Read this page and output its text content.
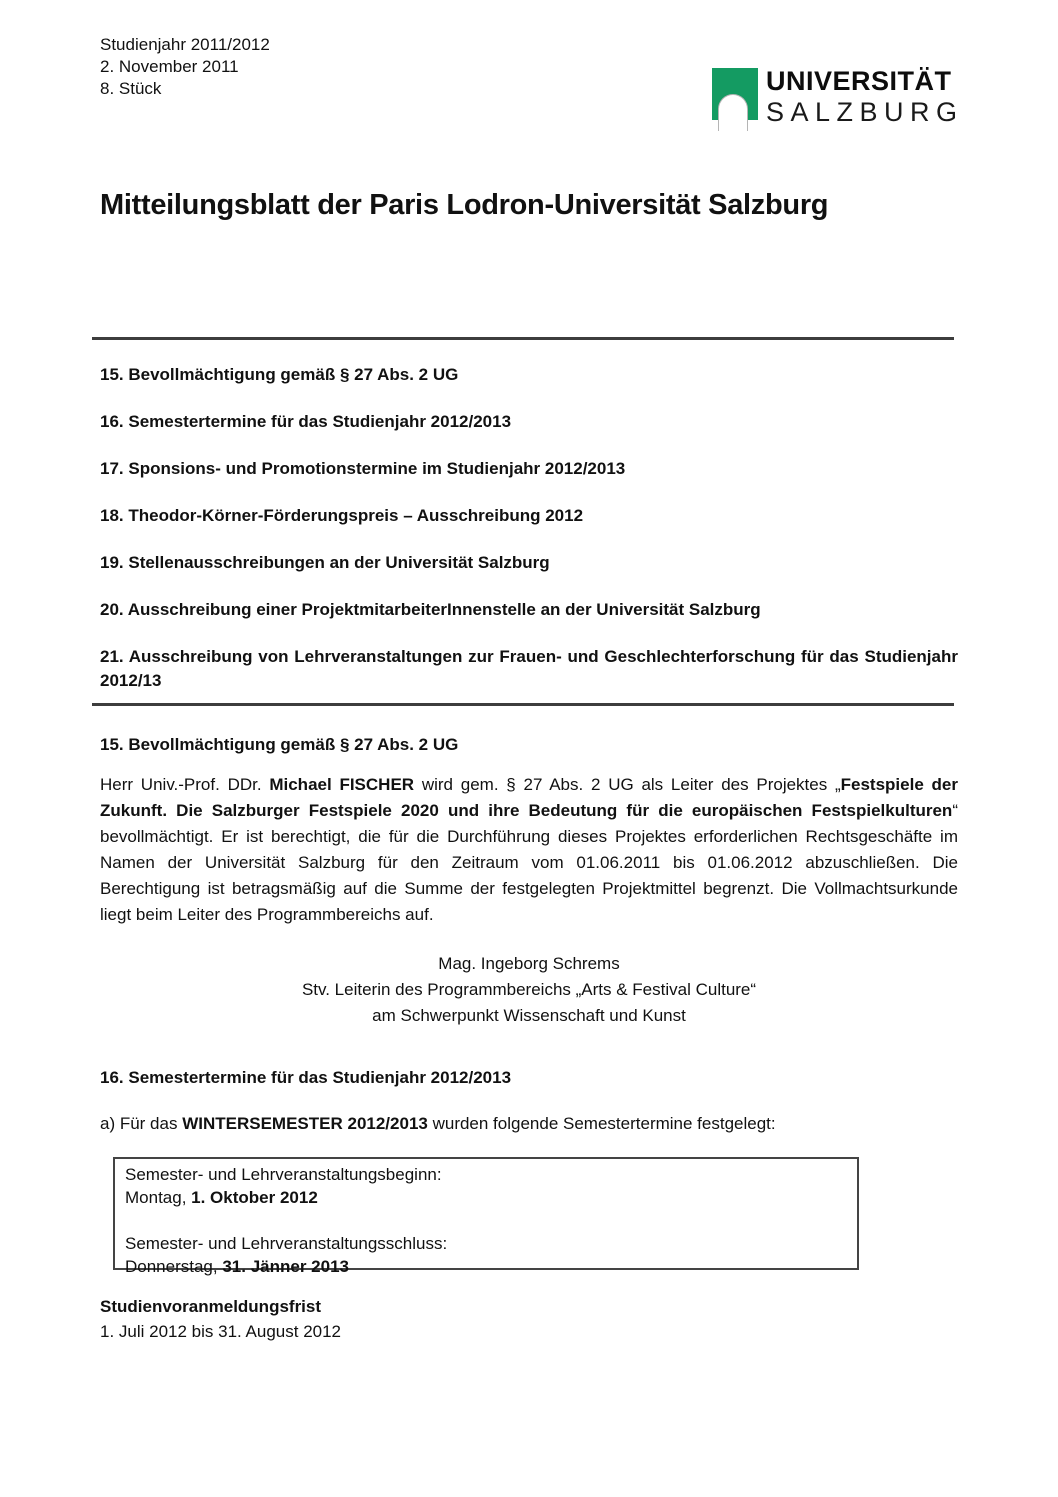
Studienjahr 2011/2012
2. November 2011
8. Stück	UNIVERSITÄT
SALZBURG
Mitteilungsblatt der Paris Lodron-Universität Salzburg
15. Bevollmächtigung gemäß § 27 Abs. 2 UG
16. Semestertermine für das Studienjahr 2012/2013
17. Sponsions- und Promotionstermine im Studienjahr 2012/2013
18. Theodor-Körner-Förderungspreis – Ausschreibung 2012
19. Stellenausschreibungen an der Universität Salzburg
20. Ausschreibung einer ProjektmitarbeiterInnenstelle an der Universität Salzburg
21. Ausschreibung von Lehrveranstaltungen zur Frauen- und Geschlechterforschung für das Studienjahr 2012/13
15. Bevollmächtigung gemäß § 27 Abs. 2 UG
Herr Univ.-Prof. DDr. Michael FISCHER wird gem. § 27 Abs. 2 UG als Leiter des Projektes „Festspiele der Zukunft. Die Salzburger Festspiele 2020 und ihre Bedeutung für die europäischen Festspielkulturen“ bevollmächtigt. Er ist berechtigt, die für die Durchführung dieses Projektes erforderlichen Rechtsgeschäfte im Namen der Universität Salzburg für den Zeitraum vom 01.06.2011 bis 01.06.2012 abzuschließen. Die Berechtigung ist betragsmäßig auf die Summe der festgelegten Projektmittel begrenzt. Die Vollmachtsurkunde liegt beim Leiter des Programmbereichs auf.
Mag. Ingeborg Schrems
Stv. Leiterin des Programmbereichs „Arts & Festival Culture“
am Schwerpunkt Wissenschaft und Kunst
16. Semestertermine für das Studienjahr 2012/2013
a) Für das WINTERSEMESTER 2012/2013 wurden folgende Semestertermine festgelegt:
Semester- und Lehrveranstaltungsbeginn:
Montag, 1. Oktober 2012
Semester- und Lehrveranstaltungsschluss:
Donnerstag, 31. Jänner 2013
Studienvoranmeldungsfrist
1. Juli 2012 bis 31. August 2012
